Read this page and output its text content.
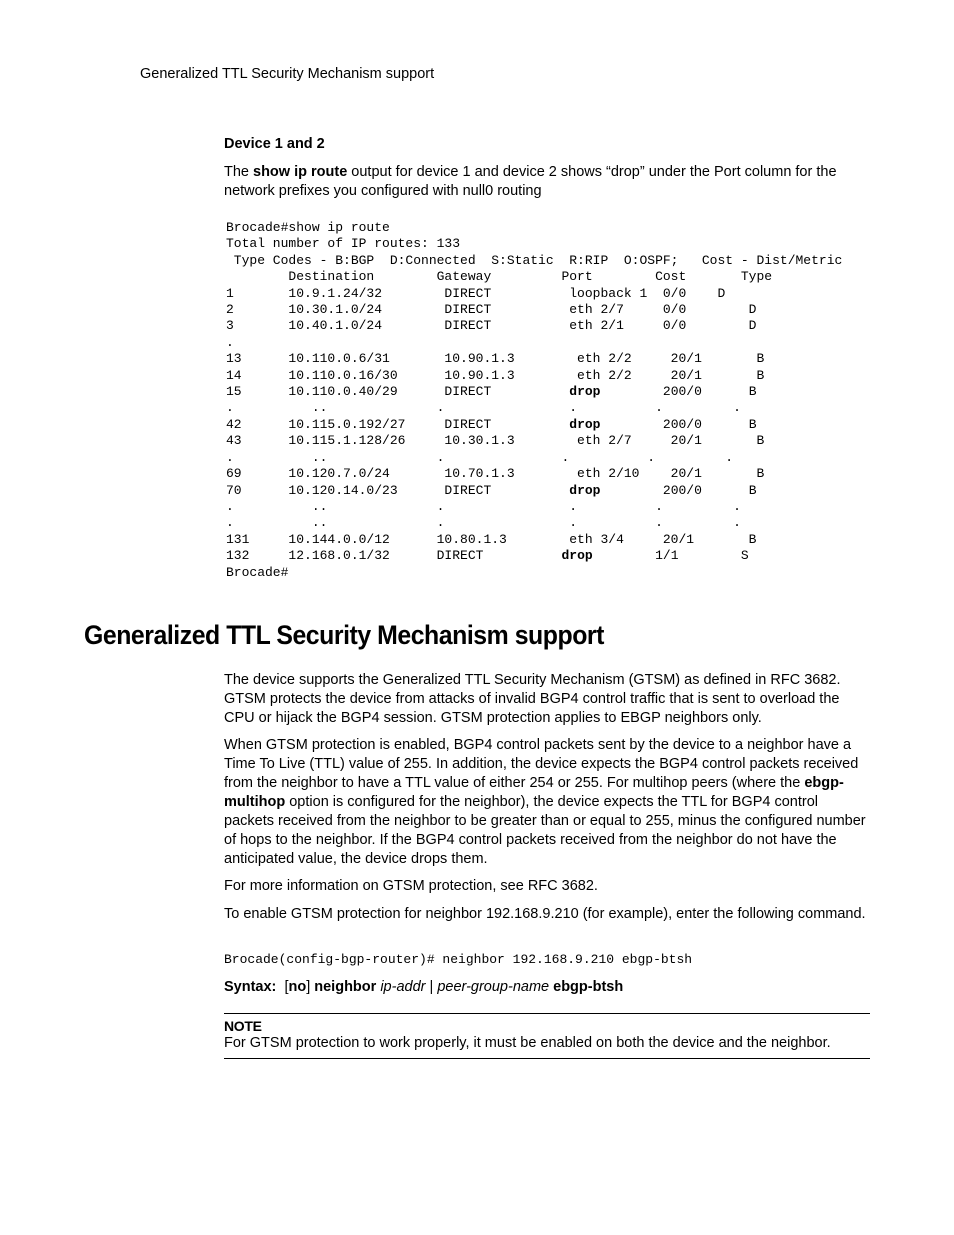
Generalized TTL Security Mechanism support
Device 1 and 2

The show ip route output for device 1 and device 2 shows “drop” under the Port column for the network prefixes you configured with null0 routing

Brocade#show ip route
Total number of IP routes: 133
Type Codes - B:BGP  D:Connected  S:Static  R:RIP  O:OSPF;   Cost - Dist/Metric
Destination        Gateway         Port        Cost       Type
1       10.9.1.24/32        DIRECT          loopback 1  0/0    D
2       10.30.1.0/24        DIRECT          eth 2/7     0/0        D
3       10.40.1.0/24        DIRECT          eth 2/1     0/0        D
.
13      10.110.0.6/31       10.90.1.3        eth 2/2     20/1       B
14      10.110.0.16/30      10.90.1.3        eth 2/2     20/1       B
15      10.110.0.40/29      DIRECT          drop        200/0      B
.          ..              .                .          .         .
42      10.115.0.192/27     DIRECT          drop        200/0      B
43      10.115.1.128/26     10.30.1.3        eth 2/7     20/1       B
.          ..              .               .          .         .
69      10.120.7.0/24       10.70.1.3        eth 2/10    20/1       B
70      10.120.14.0/23      DIRECT          drop        200/0      B
.          ..              .                .          .         .
.          ..              .                .          .         .
131     10.144.0.0/12      10.80.1.3        eth 3/4     20/1       B
132     12.168.0.1/32      DIRECT          drop        1/1        S
Brocade#
Generalized TTL Security Mechanism support

The device supports the Generalized TTL Security Mechanism (GTSM) as defined in RFC 3682. GTSM protects the device from attacks of invalid BGP4 control traffic that is sent to overload the CPU or hijack the BGP4 session. GTSM protection applies to EBGP neighbors only.

When GTSM protection is enabled, BGP4 control packets sent by the device to a neighbor have a Time To Live (TTL) value of 255. In addition, the device expects the BGP4 control packets received from the neighbor to have a TTL value of either 254 or 255. For multihop peers (where the ebgp-multihop option is configured for the neighbor), the device expects the TTL for BGP4 control packets received from the neighbor to be greater than or equal to 255, minus the configured number of hops to the neighbor. If the BGP4 control packets received from the neighbor do not have the anticipated value, the device drops them.

For more information on GTSM protection, see RFC 3682.

To enable GTSM protection for neighbor 192.168.9.210 (for example), enter the following command.

Brocade(config-bgp-router)# neighbor 192.168.9.210 ebgp-btsh
Syntax: [no] neighbor ip-addr | peer-group-name ebgp-btsh
NOTE
For GTSM protection to work properly, it must be enabled on both the device and the neighbor.
